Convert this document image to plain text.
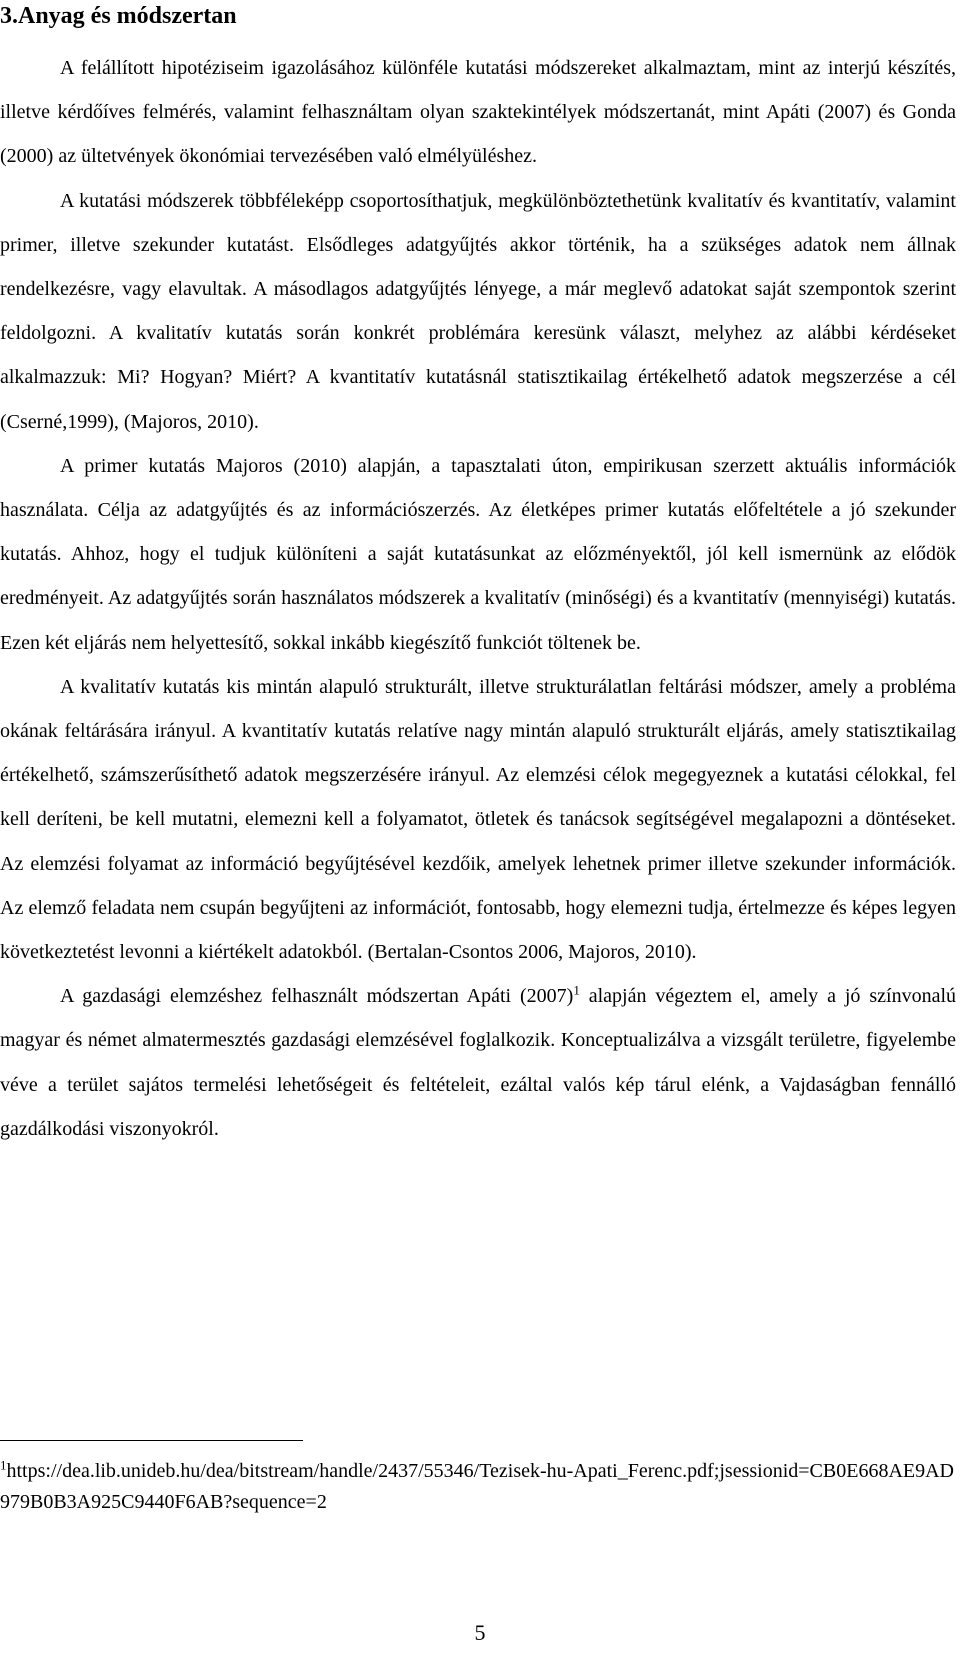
3.Anyag és módszertan

A felállított hipotéziseim igazolásához különféle kutatási módszereket alkalmaztam, mint az interjú készítés, illetve kérdőíves felmérés, valamint felhasználtam olyan szaktekintélyek módszertanát, mint Apáti (2007) és Gonda (2000) az ültetvények ökonómiai tervezésében való elmélyüléshez.

A kutatási módszerek többféleképp csoportosíthatjuk, megkülönböztethetünk kvalitatív és kvantitatív, valamint primer, illetve szekunder kutatást. Elsődleges adatgyűjtés akkor történik, ha a szükséges adatok nem állnak rendelkezésre, vagy elavultak. A másodlagos adatgyűjtés lényege, a már meglevő adatokat saját szempontok szerint feldolgozni. A kvalitatív kutatás során konkrét problémára keresünk választ, melyhez az alábbi kérdéseket alkalmazzuk: Mi? Hogyan? Miért? A kvantitatív kutatásnál statisztikailag értékelhető adatok megszerzése a cél (Cserné,1999), (Majoros, 2010).

A primer kutatás Majoros (2010) alapján, a tapasztalati úton, empirikusan szerzett aktuális információk használata. Célja az adatgyűjtés és az információszerzés. Az életképes primer kutatás előfeltétele a jó szekunder kutatás. Ahhoz, hogy el tudjuk különíteni a saját kutatásunkat az előzményektől, jól kell ismernünk az elődök eredményeit. Az adatgyűjtés során használatos módszerek a kvalitatív (minőségi) és a kvantitatív (mennyiségi) kutatás. Ezen két eljárás nem helyettesítő, sokkal inkább kiegészítő funkciót töltenek be.

A kvalitatív kutatás kis mintán alapuló strukturált, illetve strukturálatlan feltárási módszer, amely a probléma okának feltárására irányul. A kvantitatív kutatás relatíve nagy mintán alapuló strukturált eljárás, amely statisztikailag értékelhető, számszerűsíthető adatok megszerzésére irányul. Az elemzési célok megegyeznek a kutatási célokkal, fel kell deríteni, be kell mutatni, elemezni kell a folyamatot, ötletek és tanácsok segítségével megalapozni a döntéseket. Az elemzési folyamat az információ begyűjtésével kezdőik, amelyek lehetnek primer illetve szekunder információk. Az elemző feladata nem csupán begyűjteni az információt, fontosabb, hogy elemezni tudja, értelmezze és képes legyen következtetést levonni a kiértékelt adatokból. (Bertalan-Csontos 2006, Majoros, 2010).

A gazdasági elemzéshez felhasznált módszertan Apáti $(2007)^1$ alapján végeztem el, amely a jó színvonalú magyar és német almatermesztés gazdasági elemzésével foglalkozik. Konceptualizálva a vizsgált területre, figyelembe véve a terület sajátos termelési lehetőségeit és feltételeit, ezáltal valós kép tárul elénk, a Vajdaságban fennálló gazdálkodási viszonyokról.

$^1$https://dea.lib.unideb.hu/dea/bitstream/handle/2437/55346/Tezisek-hu-Apati_Ferenc.pdf;jsessionid=CB0E668AE9AD979B0B3A925C9440F6AB?sequence=2
5
